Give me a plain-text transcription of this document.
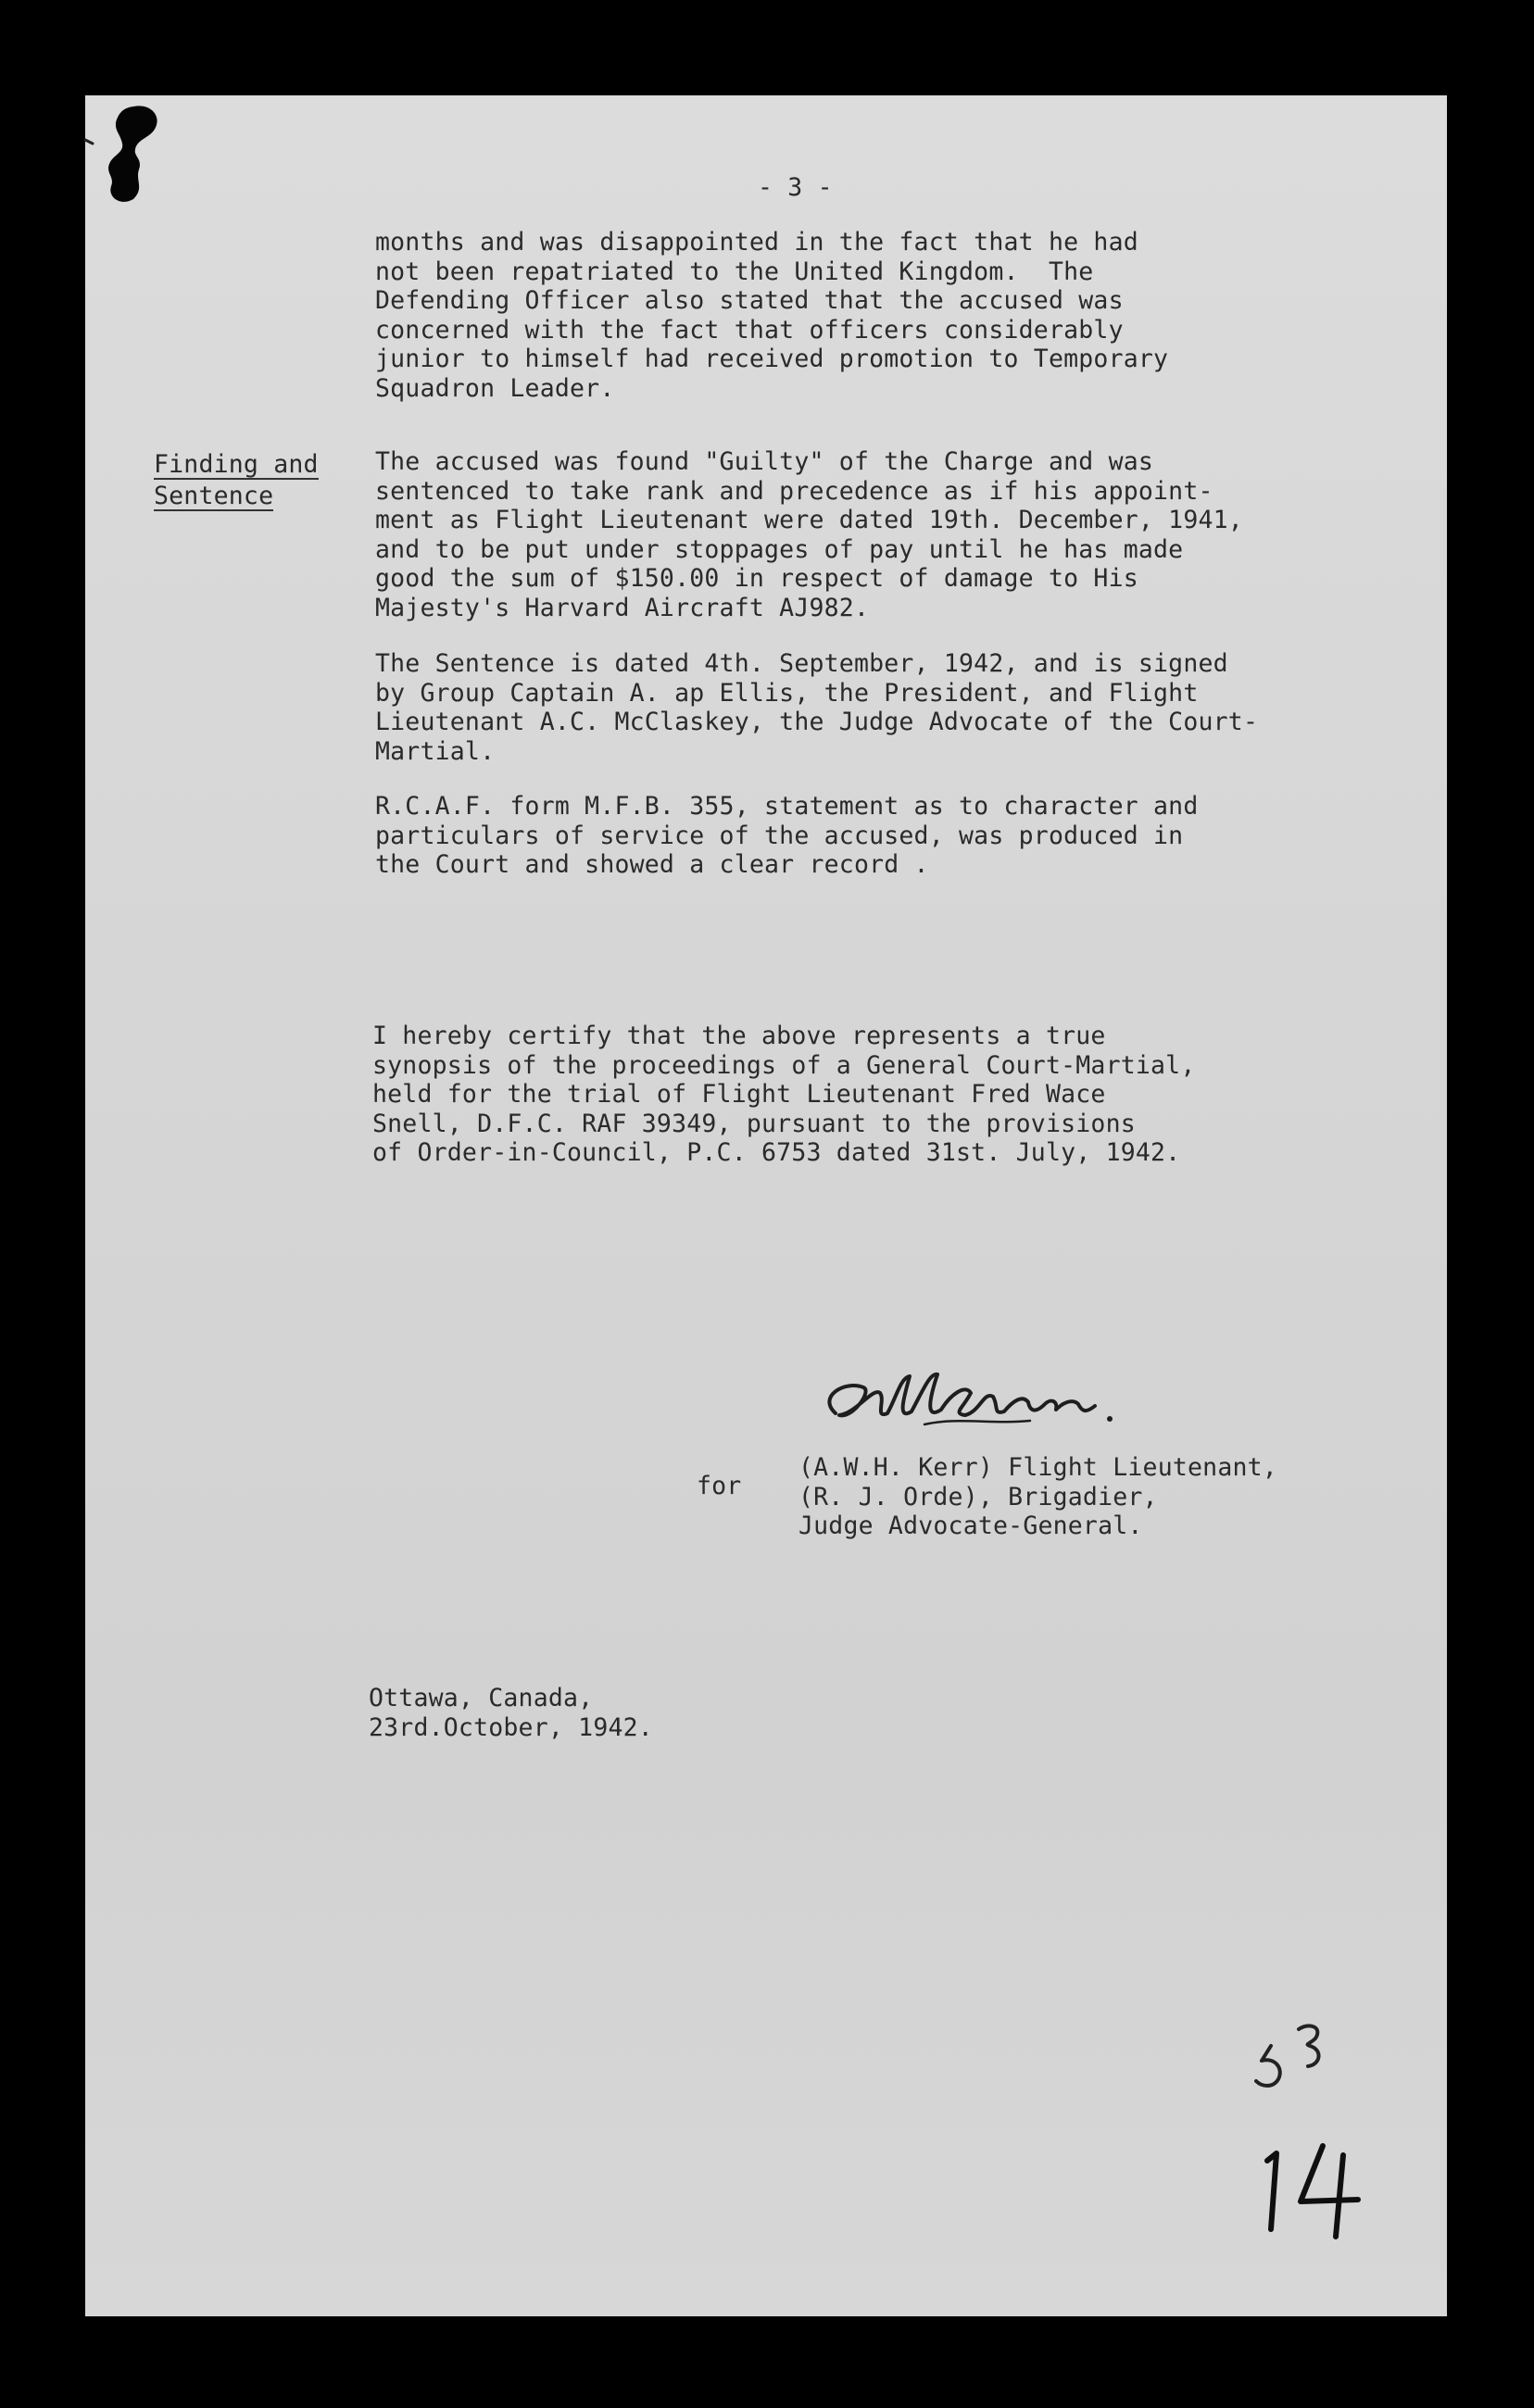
- 3 -
months and was disappointed in the fact that he had
not been repatriated to the United Kingdom.  The
Defending Officer also stated that the accused was
concerned with the fact that officers considerably
junior to himself had received promotion to Temporary
Squadron Leader.
Finding and
Sentence
The accused was found "Guilty" of the Charge and was
sentenced to take rank and precedence as if his appoint-
ment as Flight Lieutenant were dated 19th. December, 1941,
and to be put under stoppages of pay until he has made
good the sum of $150.00 in respect of damage to His
Majesty's Harvard Aircraft AJ982.
The Sentence is dated 4th. September, 1942, and is signed
by Group Captain A. ap Ellis, the President, and Flight
Lieutenant A.C. McClaskey, the Judge Advocate of the Court-
Martial.
R.C.A.F. form M.F.B. 355, statement as to character and
particulars of service of the accused, was produced in
the Court and showed a clear record .
I hereby certify that the above represents a true
synopsis of the proceedings of a General Court-Martial,
held for the trial of Flight Lieutenant Fred Wace
Snell, D.F.C. RAF 39349, pursuant to the provisions
of Order-in-Council, P.C. 6753 dated 31st. July, 1942.
for
(A.W.H. Kerr) Flight Lieutenant,
(R. J. Orde), Brigadier,
Judge Advocate-General.
Ottawa, Canada,
23rd.October, 1942.
